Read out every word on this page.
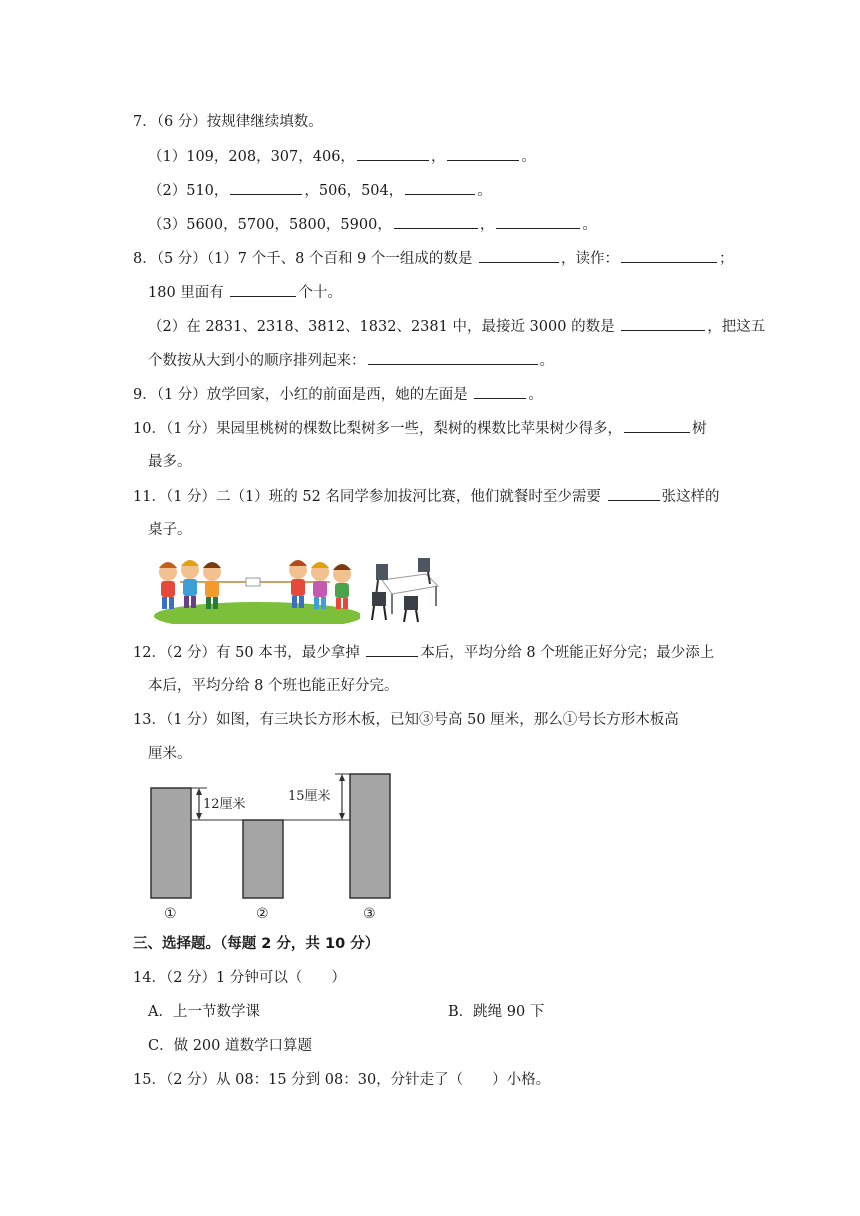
7．（6 分）按规律继续填数。
（1）109，208，307，406，	，	。
（2）510，	，506，504，	。
（3）5600，5700，5800，5900，	，	。
8．（5 分）（1）7 个千、8 个百和 9 个一组成的数是	，读作：	；
180 里面有	个十。
（2）在 2831、2318、3812、1832、2381 中，最接近 3000 的数是	，把这五
个数按从大到小的顺序排列起来：	。
9．（1 分）放学回家，小红的前面是西，她的左面是	。
10．（1 分）果园里桃树的棵数比梨树多一些，梨树的棵数比苹果树少得多，	树
最多。
11．（1 分）二（1）班的 52 名同学参加拔河比赛，他们就餐时至少需要	张这样的
桌子。
12．（2 分）有 50 本书，最少拿掉	本后，平均分给 8 个班能正好分完；最少添上
本后，平均分给 8 个班也能正好分完。
13．（1 分）如图，有三块长方形木板，已知③号高 50 厘米，那么①号长方形木板高
厘米。
12厘米
15厘米
①	②	③
三、选择题。（每题 2 分，共 10 分）
14．（2 分）1 分钟可以（　　）
A．上一节数学课	B．跳绳 90 下
C．做 200 道数学口算题
15．（2 分）从 08：15 分到 08：30，分针走了（　　）小格。
